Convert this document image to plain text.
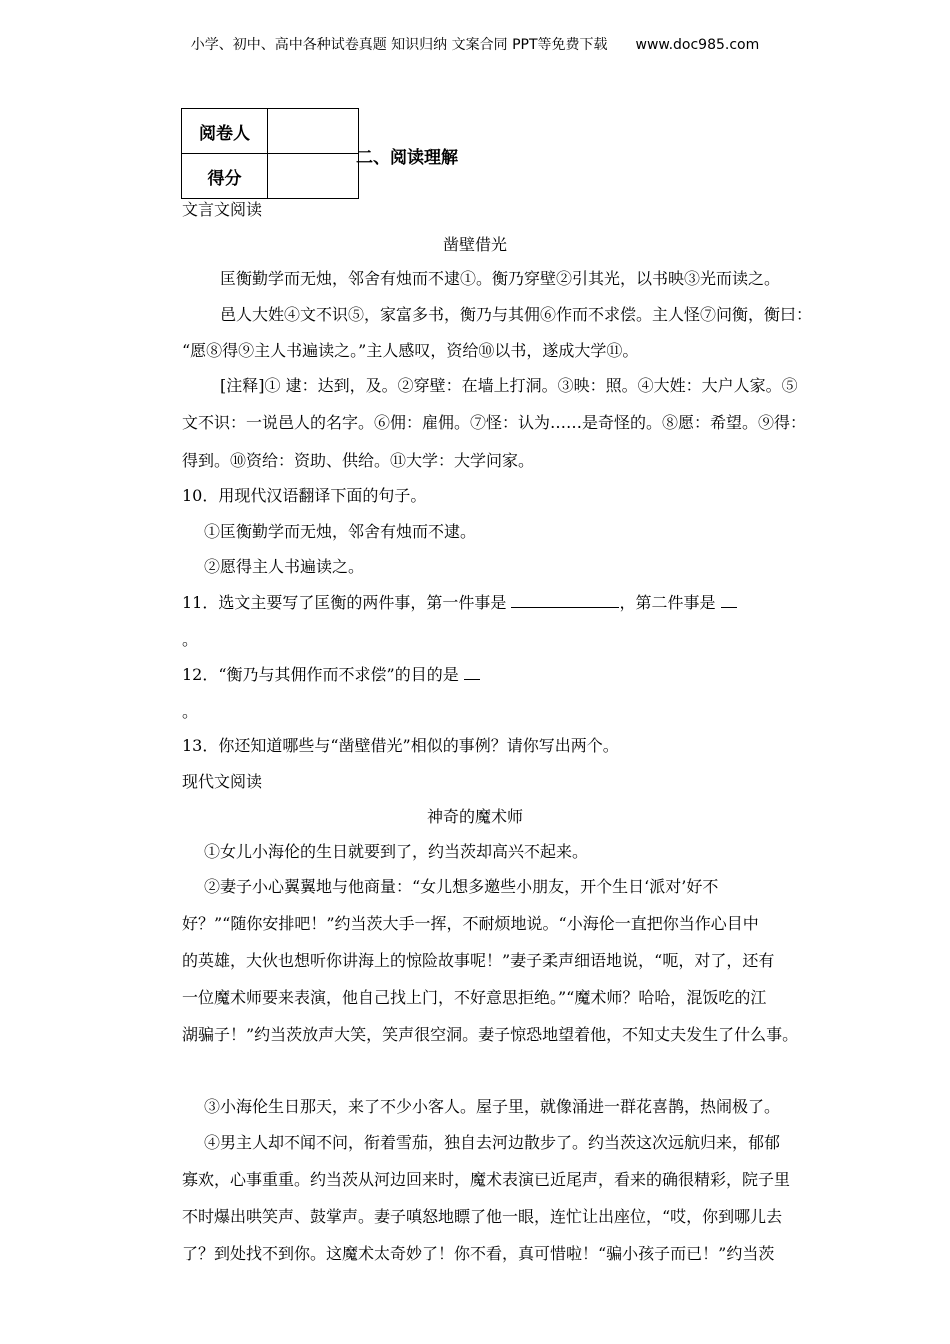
小学、初中、高中各种试卷真题 知识归纳 文案合同 PPT等免费下载 www.doc985.com
阅卷人	
得分	
二、阅读理解
文言文阅读
凿壁借光
匡衡勤学而无烛，邻舍有烛而不逮①。衡乃穿壁②引其光，以书映③光而读之。
邑人大姓④文不识⑤，家富多书，衡乃与其佣⑥作而不求偿。主人怪⑦问衡，衡曰：
“愿⑧得⑨主人书遍读之。”主人感叹，资给⑩以书，遂成大学⑪。
[注释]① 逮：达到，及。②穿壁：在墙上打洞。③映：照。④大姓：大户人家。⑤
文不识：一说邑人的名字。⑥佣：雇佣。⑦怪：认为……是奇怪的。⑧愿：希望。⑨得：
得到。⑩资给：资助、供给。⑪大学：大学问家。
10．用现代汉语翻译下面的句子。
①匡衡勤学而无烛，邻舍有烛而不逮。
②愿得主人书遍读之。
11．选文主要写了匡衡的两件事，第一件事是	，第二件事是
。
12．“衡乃与其佣作而不求偿”的目的是
。
13．你还知道哪些与“凿壁借光”相似的事例？请你写出两个。
现代文阅读
神奇的魔术师
①女儿小海伦的生日就要到了，约当茨却高兴不起来。
②妻子小心翼翼地与他商量：“女儿想多邀些小朋友，开个生日‘派对’好不
好？”“随你安排吧！”约当茨大手一挥，不耐烦地说。“小海伦一直把你当作心目中
的英雄，大伙也想听你讲海上的惊险故事呢！”妻子柔声细语地说，“呃，对了，还有
一位魔术师要来表演，他自己找上门，不好意思拒绝。”“魔术师？哈哈，混饭吃的江
湖骗子！”约当茨放声大笑，笑声很空洞。妻子惊恐地望着他，不知丈夫发生了什么事。
③小海伦生日那天，来了不少小客人。屋子里，就像涌进一群花喜鹊，热闹极了。
④男主人却不闻不问，衔着雪茄，独自去河边散步了。约当茨这次远航归来，郁郁
寡欢，心事重重。约当茨从河边回来时，魔术表演已近尾声，看来的确很精彩，院子里
不时爆出哄笑声、鼓掌声。妻子嗔怒地瞟了他一眼，连忙让出座位，“哎，你到哪儿去
了？到处找不到你。这魔术太奇妙了！你不看，真可惜啦！“骗小孩子而已！”约当茨
